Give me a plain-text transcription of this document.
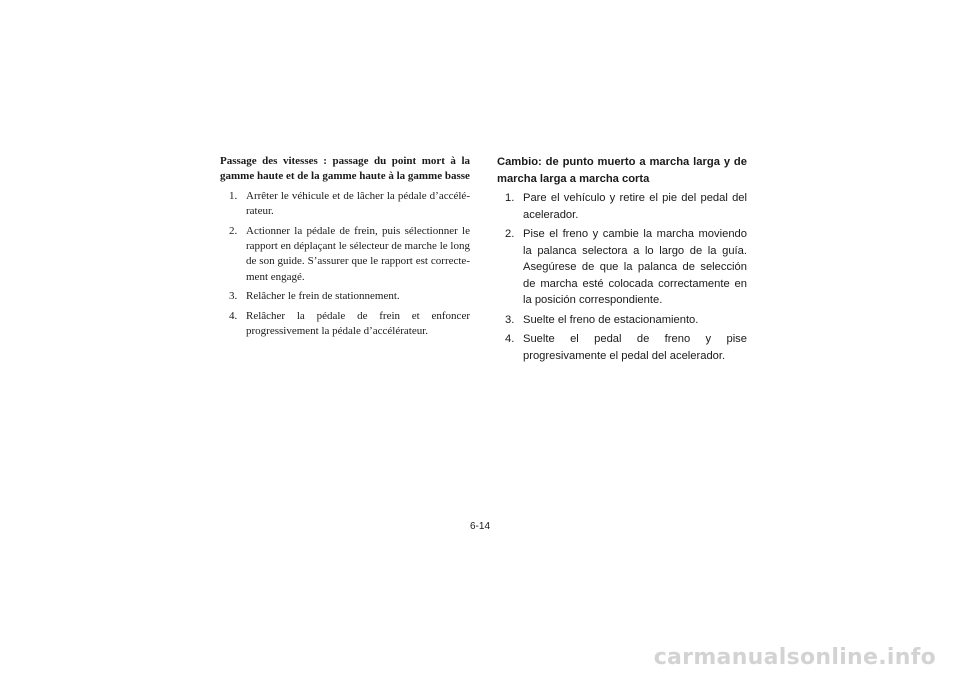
Passage des vitesses : passage du point mort à la gamme haute et de la gamme haute à la gamme basse
1. Arrêter le véhicule et de lâcher la pédale d’accélérateur.
2. Actionner la pédale de frein, puis sélectionner le rapport en déplaçant le sélecteur de marche le long de son guide. S’assurer que le rapport est correctement engagé.
3. Relâcher le frein de stationnement.
4. Relâcher la pédale de frein et enfoncer progressivement la pédale d’accélérateur.
Cambio: de punto muerto a marcha larga y de marcha larga a marcha corta
1. Pare el vehículo y retire el pie del pedal del acelerador.
2. Pise el freno y cambie la marcha moviendo la palanca selectora a lo largo de la guía. Asegúrese de que la palanca de selección de marcha esté colocada correctamente en la posición correspondiente.
3. Suelte el freno de estacionamiento.
4. Suelte el pedal de freno y pise progresivamente el pedal del acelerador.
6-14
carmanualsonline.info
